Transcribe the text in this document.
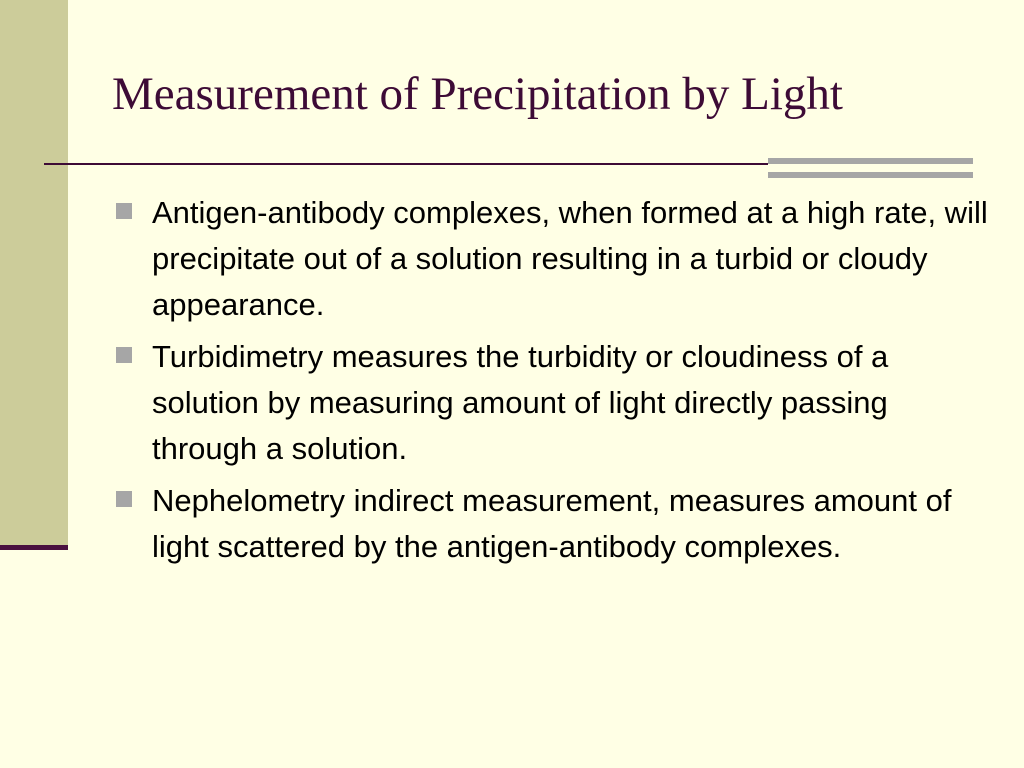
Measurement of Precipitation by Light
Antigen-antibody complexes, when formed at a high rate, will precipitate out of a solution resulting in a turbid or cloudy appearance.
Turbidimetry measures the turbidity or cloudiness of a solution by measuring amount of light directly passing through a solution.
Nephelometry indirect measurement, measures amount of light scattered by the antigen-antibody complexes.
